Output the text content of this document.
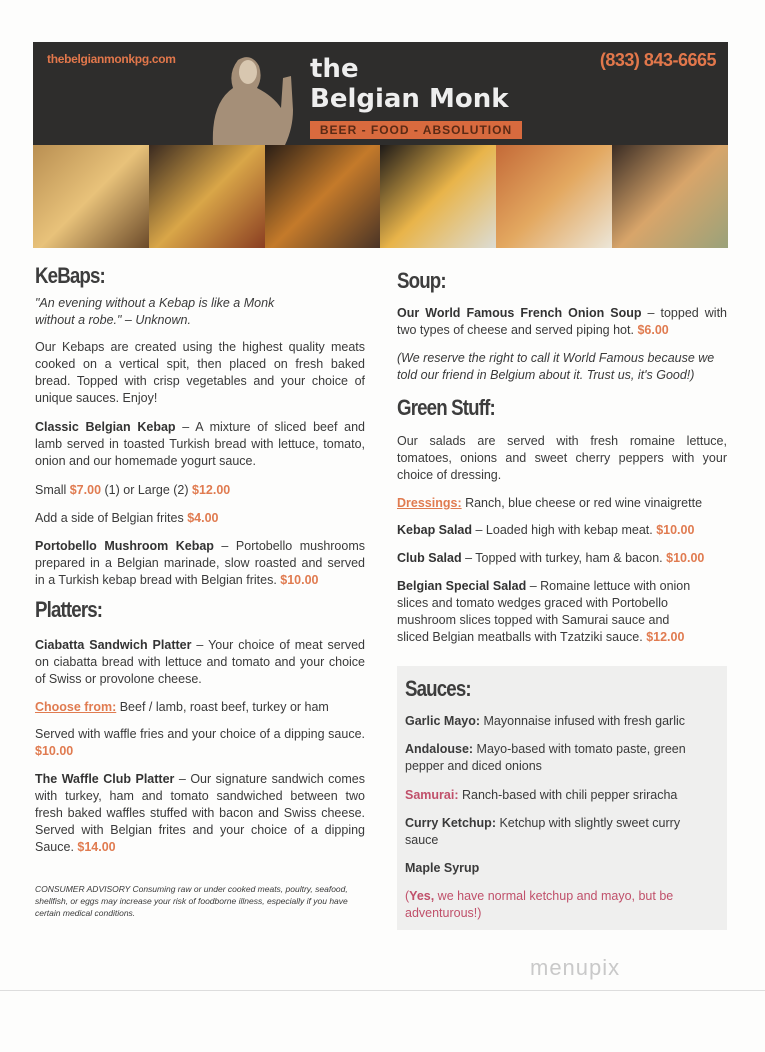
thebelgianmonkpg.com	(833) 843-6665
the
Belgian Monk
BEER - FOOD - ABSOLUTION
KeBaps:
"An evening without a Kebap is like a Monk without a robe." – Unknown.
Our Kebaps are created using the highest quality meats cooked on a vertical spit, then placed on fresh baked bread. Topped with crisp vegetables and your choice of unique sauces. Enjoy!
Classic Belgian Kebap – A mixture of sliced beef and lamb served in toasted Turkish bread with lettuce, tomato, onion and our homemade yogurt sauce.
Small $7.00 (1) or Large (2) $12.00
Add a side of Belgian frites $4.00
Portobello Mushroom Kebap – Portobello mushrooms prepared in a Belgian marinade, slow roasted and served in a Turkish kebap bread with Belgian frites. $10.00
Platters:
Ciabatta Sandwich Platter – Your choice of meat served on ciabatta bread with lettuce and tomato and your choice of Swiss or provolone cheese.
Choose from: Beef / lamb, roast beef, turkey or ham
Served with waffle fries and your choice of a dipping sauce. $10.00
The Waffle Club Platter – Our signature sandwich comes with turkey, ham and tomato sandwiched between two fresh baked waffles stuffed with bacon and Swiss cheese. Served with Belgian frites and your choice of a dipping Sauce. $14.00
CONSUMER ADVISORY Consuming raw or under cooked meats, poultry, seafood, shellfish, or eggs may increase your risk of foodborne illness, especially if you have certain medical conditions.
Soup:
Our World Famous French Onion Soup – topped with two types of cheese and served piping hot. $6.00
(We reserve the right to call it World Famous because we told our friend in Belgium about it. Trust us, it's Good!)
Green Stuff:
Our salads are served with fresh romaine lettuce, tomatoes, onions and sweet cherry peppers with your choice of dressing.
Dressings: Ranch, blue cheese or red wine vinaigrette
Kebap Salad – Loaded high with kebap meat. $10.00
Club Salad – Topped with turkey, ham & bacon. $10.00
Belgian Special Salad – Romaine lettuce with onion slices and tomato wedges graced with Portobello mushroom slices topped with Samurai sauce and sliced Belgian meatballs with Tzatziki sauce. $12.00
Sauces:
Garlic Mayo: Mayonnaise infused with fresh garlic
Andalouse: Mayo-based with tomato paste, green pepper and diced onions
Samurai: Ranch-based with chili pepper sriracha
Curry Ketchup: Ketchup with slightly sweet curry sauce
Maple Syrup
(Yes, we have normal ketchup and mayo, but be adventurous!)
menupix
